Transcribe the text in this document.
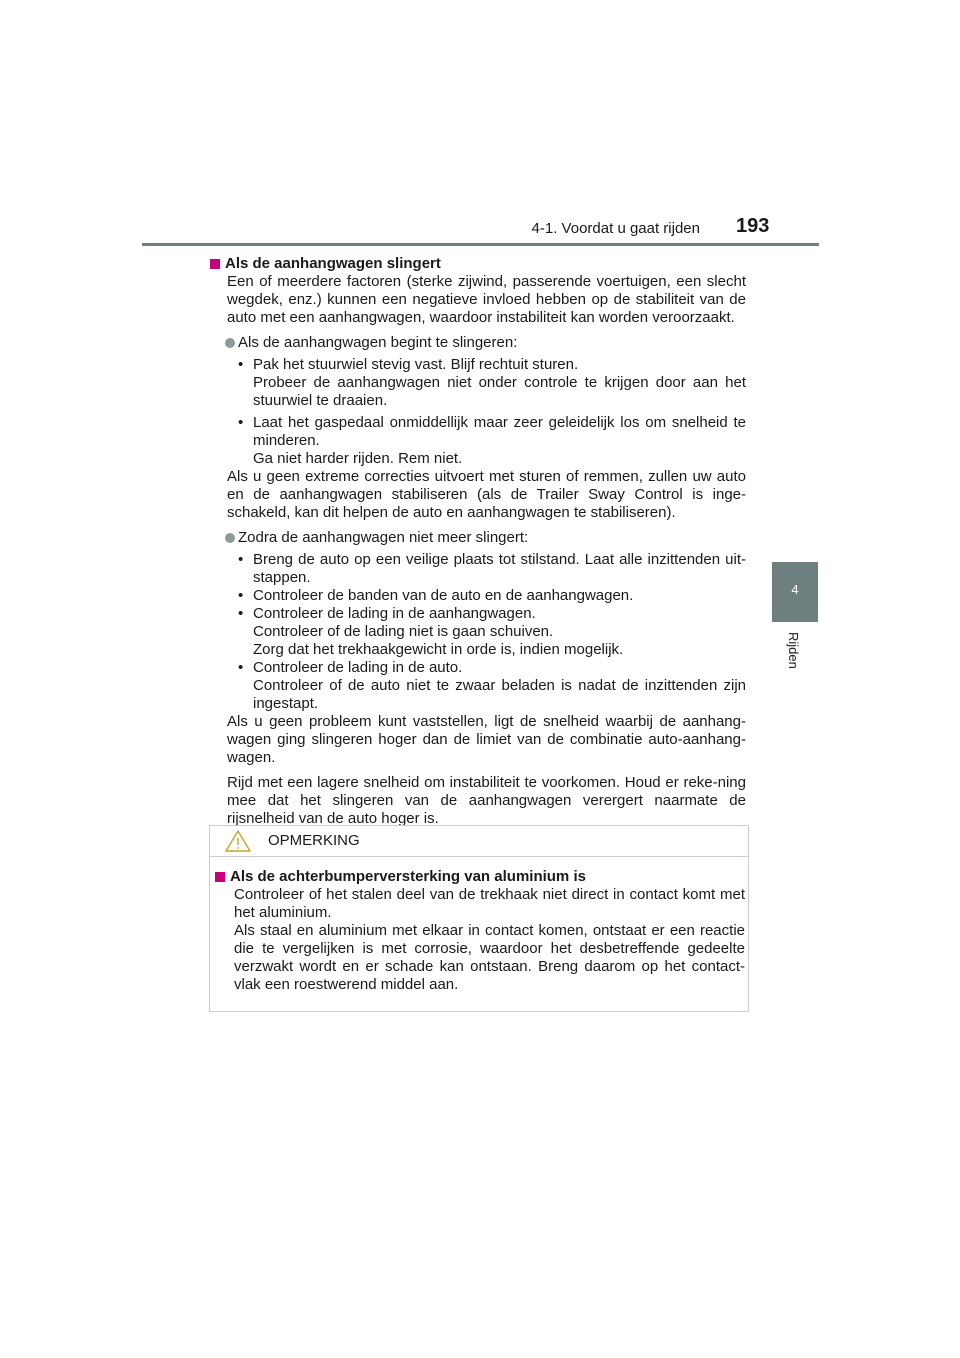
4-1. Voordat u gaat rijden 193
4
Rijden

Als de aanhangwagen slingert

Een of meerdere factoren (sterke zijwind, passerende voertuigen, een slecht wegdek, enz.) kunnen een negatieve invloed hebben op de stabiliteit van de auto met een aanhangwagen, waardoor instabiliteit kan worden veroorzaakt.

Als de aanhangwagen begint te slingeren:

• Pak het stuurwiel stevig vast. Blijf rechtuit sturen.

Probeer de aanhangwagen niet onder controle te krijgen door aan het stuurwiel te draaien.

• Laat het gaspedaal onmiddellijk maar zeer geleidelijk los om snelheid te minderen.

Ga niet harder rijden. Rem niet.

Als u geen extreme correcties uitvoert met sturen of remmen, zullen uw auto en de aanhangwagen stabiliseren (als de Trailer Sway Control is inge-schakeld, kan dit helpen de auto en aanhangwagen te stabiliseren).

Zodra de aanhangwagen niet meer slingert:

• Breng de auto op een veilige plaats tot stilstand. Laat alle inzittenden uit-stappen.

• Controleer de banden van de auto en de aanhangwagen.

• Controleer de lading in de aanhangwagen.

Controleer of de lading niet is gaan schuiven.

Zorg dat het trekhaakgewicht in orde is, indien mogelijk.

• Controleer de lading in de auto.

Controleer of de auto niet te zwaar beladen is nadat de inzittenden zijn ingestapt.

Als u geen probleem kunt vaststellen, ligt de snelheid waarbij de aanhang-wagen ging slingeren hoger dan de limiet van de combinatie auto-aanhang-wagen.

Rijd met een lagere snelheid om instabiliteit te voorkomen. Houd er reke-ning mee dat het slingeren van de aanhangwagen verergert naarmate de rijsnelheid van de auto hoger is.

OPMERKING

Als de achterbumperversterking van aluminium is

Controleer of het stalen deel van de trekhaak niet direct in contact komt met het aluminium.

Als staal en aluminium met elkaar in contact komen, ontstaat er een reactie die te vergelijken is met corrosie, waardoor het desbetreffende gedeelte verzwakt wordt en er schade kan ontstaan. Breng daarom op het contact-vlak een roestwerend middel aan.
